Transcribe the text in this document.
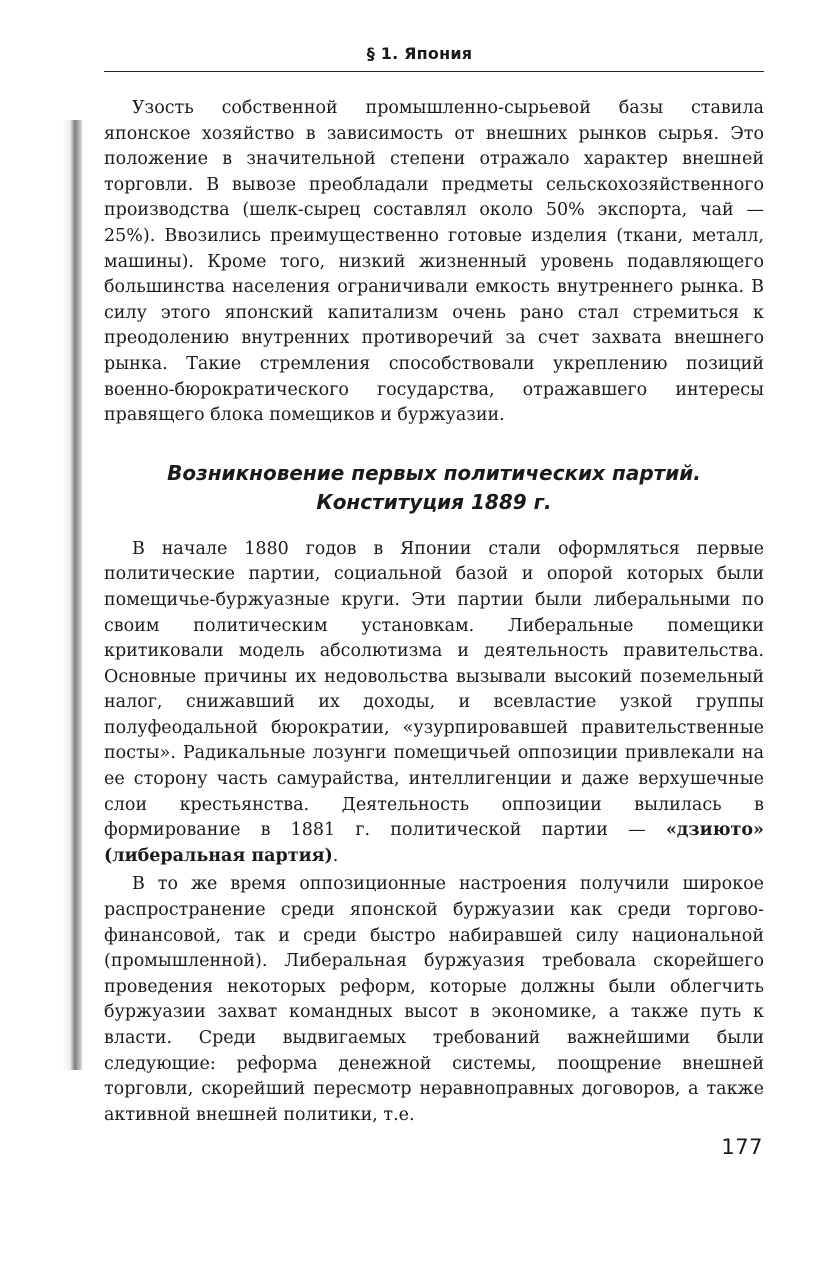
§ 1. Япония

Узость собственной промышленно-сырьевой базы ставила японское хозяйство в зависимость от внешних рынков сырья. Это положение в значительной степени отражало характер внешней торговли. В вывозе преобладали предметы сельскохозяйственного производства (шелк-сырец составлял около 50% экспорта, чай — 25%). Ввозились преимущественно готовые изделия (ткани, металл, машины). Кроме того, низкий жизненный уровень подавляющего большинства населения ограничивали емкость внутреннего рынка. В силу этого японский капитализм очень рано стал стремиться к преодолению внутренних противоречий за счет захвата внешнего рынка. Такие стремления способствовали укреплению позиций военно-бюрократического государства, отражавшего интересы правящего блока помещиков и буржуазии.

Возникновение первых политических партий.
Конституция 1889 г.

В начале 1880 годов в Японии стали оформляться первые политические партии, социальной базой и опорой которых были помещичье-буржуазные круги. Эти партии были либеральными по своим политическим установкам. Либеральные помещики критиковали модель абсолютизма и деятельность правительства. Основные причины их недовольства вызывали высокий поземельный налог, снижавший их доходы, и всевластие узкой группы полуфеодальной бюрократии, «узурпировавшей правительственные посты». Радикальные лозунги помещичьей оппозиции привлекали на ее сторону часть самурайства, интеллигенции и даже верхушечные слои крестьянства. Деятельность оппозиции вылилась в формирование в 1881 г. политической партии — «дзиюто» (либеральная партия).

В то же время оппозиционные настроения получили широкое распространение среди японской буржуазии как среди торгово-финансовой, так и среди быстро набиравшей силу национальной (промышленной). Либеральная буржуазия требовала скорейшего проведения некоторых реформ, которые должны были облегчить буржуазии захват командных высот в экономике, а также путь к власти. Среди выдвигаемых требований важнейшими были следующие: реформа денежной системы, поощрение внешней торговли, скорейший пересмотр неравноправных договоров, а также активной внешней политики, т.е.

177
